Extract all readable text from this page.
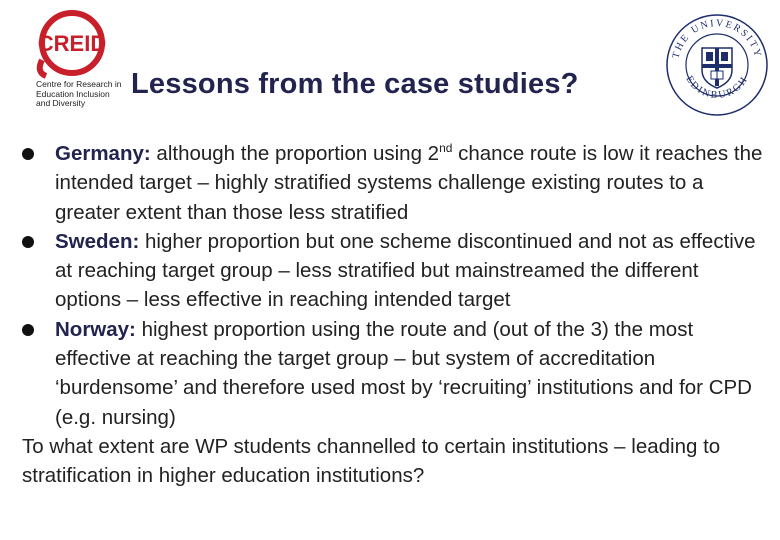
CREID
Centre for Research in
Education Inclusion
and Diversity
Lessons from the case studies?
THE UNIVERSITY
EDINBURGH
Germany: although the proportion using 2nd chance route is low it reaches the intended target – highly stratified systems challenge existing routes to a greater extent than those less stratified
Sweden: higher proportion but one scheme discontinued and not as effective at reaching target group – less stratified but mainstreamed the different options – less effective in reaching intended target
Norway: highest proportion using the route and (out of the 3) the most effective at reaching the target group – but system of accreditation ‘burdensome’ and therefore used most by ‘recruiting’ institutions and for CPD (e.g. nursing)
To what extent are WP students channelled to certain institutions – leading to stratification in higher education institutions?
